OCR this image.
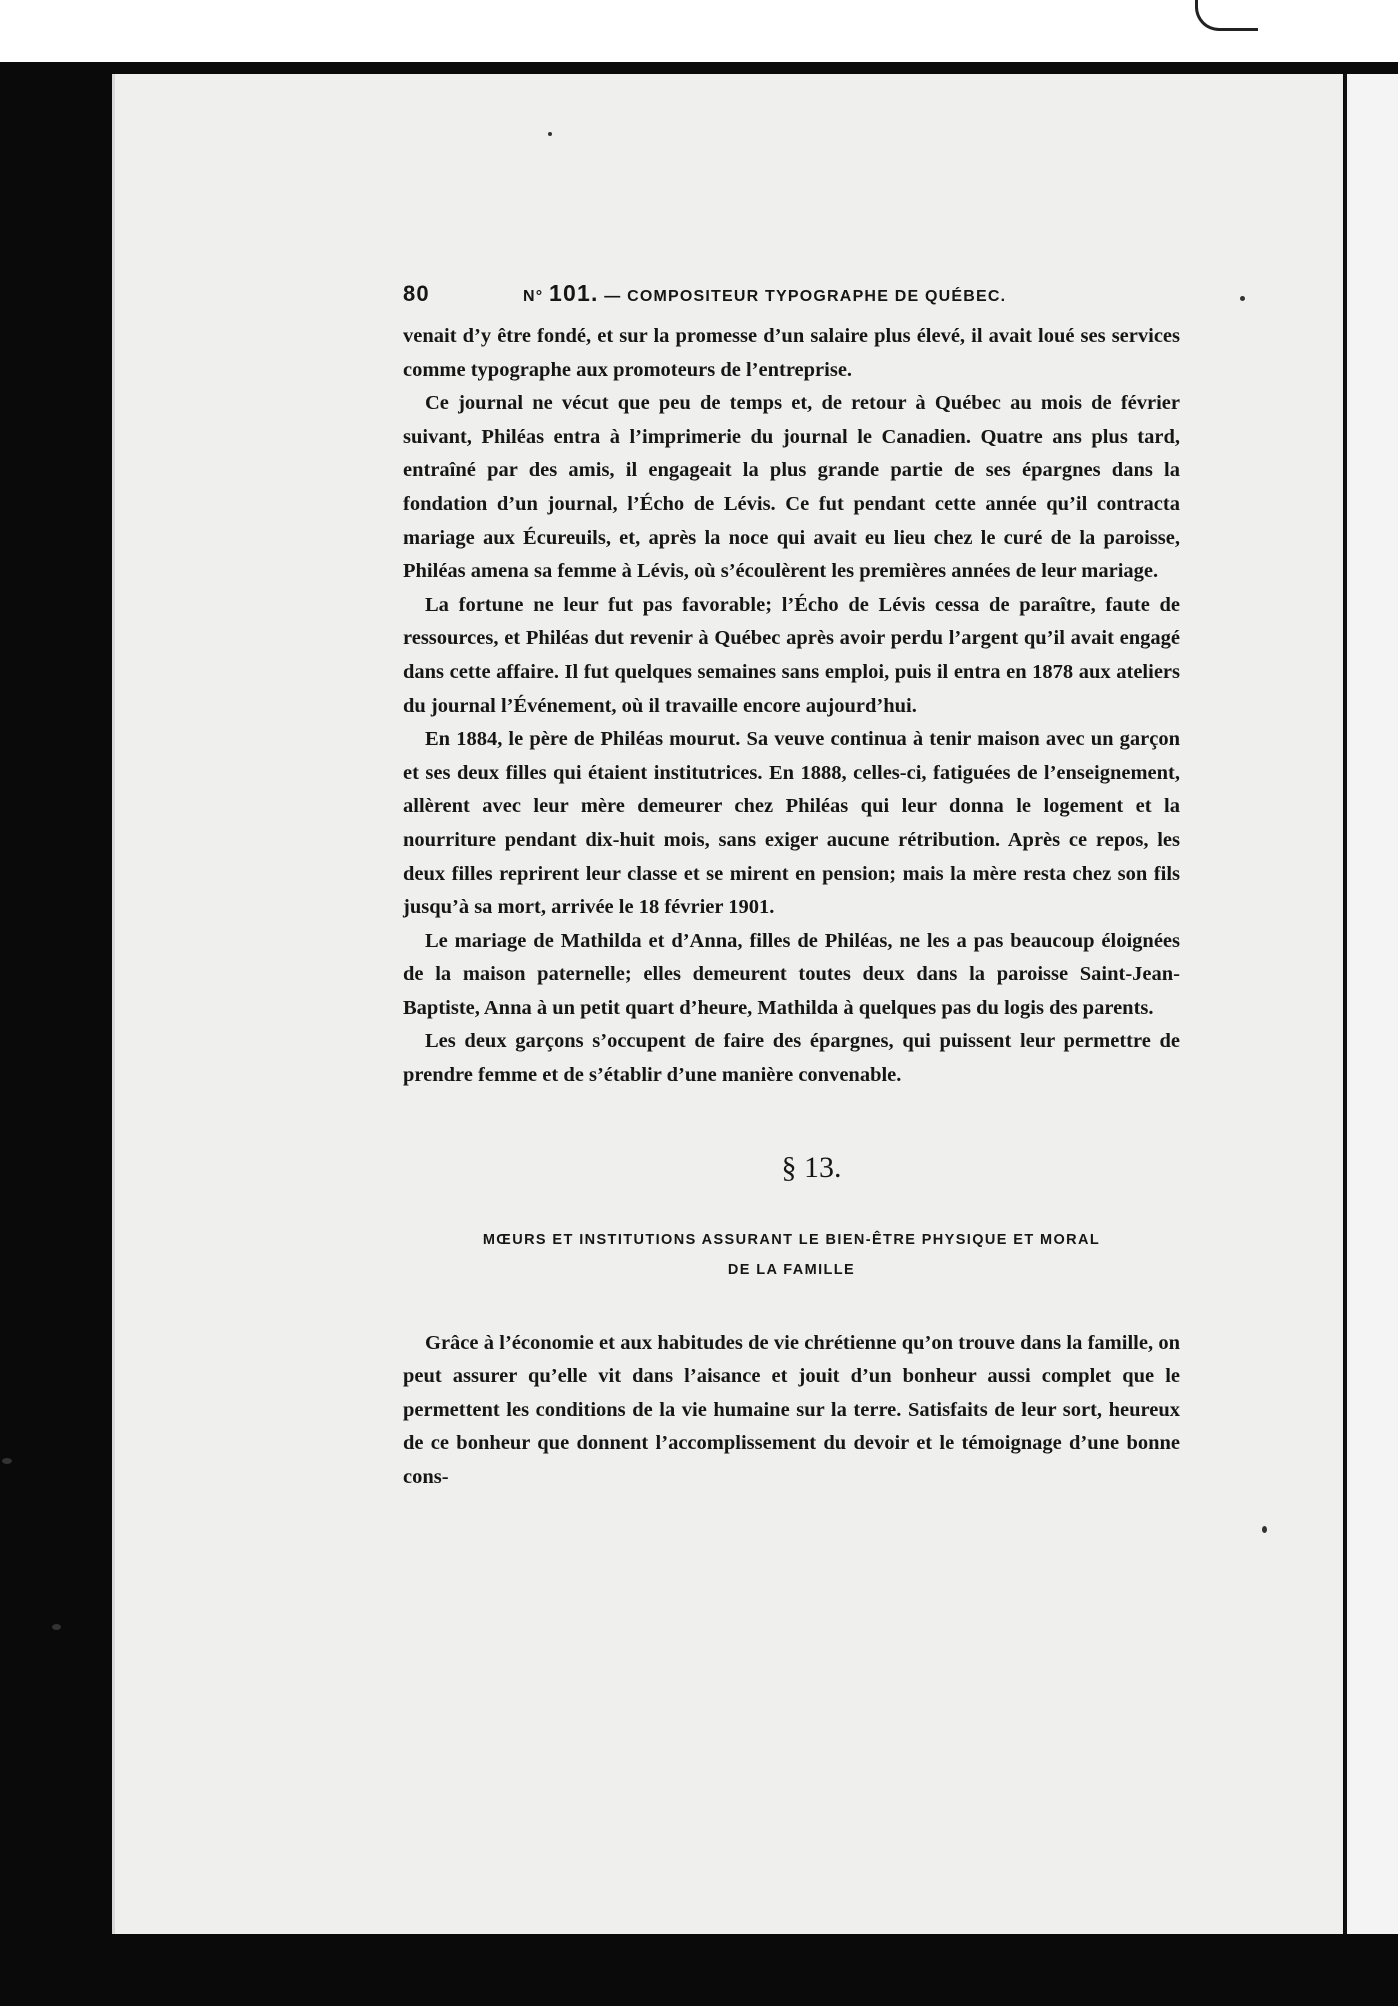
80	N° 101. — COMPOSITEUR TYPOGRAPHE DE QUÉBEC.

venait d’y être fondé, et sur la promesse d’un salaire plus élevé, il avait loué ses services comme typographe aux promoteurs de l’entreprise.

Ce journal ne vécut que peu de temps et, de retour à Québec au mois de février suivant, Philéas entra à l’imprimerie du journal le Canadien. Quatre ans plus tard, entraîné par des amis, il engageait la plus grande partie de ses épargnes dans la fondation d’un journal, l’Écho de Lévis. Ce fut pendant cette année qu’il contracta mariage aux Écureuils, et, après la noce qui avait eu lieu chez le curé de la paroisse, Philéas amena sa femme à Lévis, où s’écoulèrent les premières années de leur mariage.

La fortune ne leur fut pas favorable; l’Écho de Lévis cessa de paraître, faute de ressources, et Philéas dut revenir à Québec après avoir perdu l’argent qu’il avait engagé dans cette affaire. Il fut quelques semaines sans emploi, puis il entra en 1878 aux ateliers du journal l’Événement, où il travaille encore aujourd’hui.

En 1884, le père de Philéas mourut. Sa veuve continua à tenir maison avec un garçon et ses deux filles qui étaient institutrices. En 1888, celles-ci, fatiguées de l’enseignement, allèrent avec leur mère demeurer chez Philéas qui leur donna le logement et la nourriture pendant dix-huit mois, sans exiger aucune rétribution. Après ce repos, les deux filles reprirent leur classe et se mirent en pension; mais la mère resta chez son fils jusqu’à sa mort, arrivée le 18 février 1901.

Le mariage de Mathilda et d’Anna, filles de Philéas, ne les a pas beaucoup éloignées de la maison paternelle; elles demeurent toutes deux dans la paroisse Saint-Jean-Baptiste, Anna à un petit quart d’heure, Mathilda à quelques pas du logis des parents.

Les deux garçons s’occupent de faire des épargnes, qui puissent leur permettre de prendre femme et de s’établir d’une manière convenable.

§ 13.
MŒURS ET INSTITUTIONS ASSURANT LE BIEN-ÊTRE PHYSIQUE ET MORAL
DE LA FAMILLE

Grâce à l’économie et aux habitudes de vie chrétienne qu’on trouve dans la famille, on peut assurer qu’elle vit dans l’aisance et jouit d’un bonheur aussi complet que le permettent les conditions de la vie humaine sur la terre. Satisfaits de leur sort, heureux de ce bonheur que donnent l’accomplissement du devoir et le témoignage d’une bonne cons-
